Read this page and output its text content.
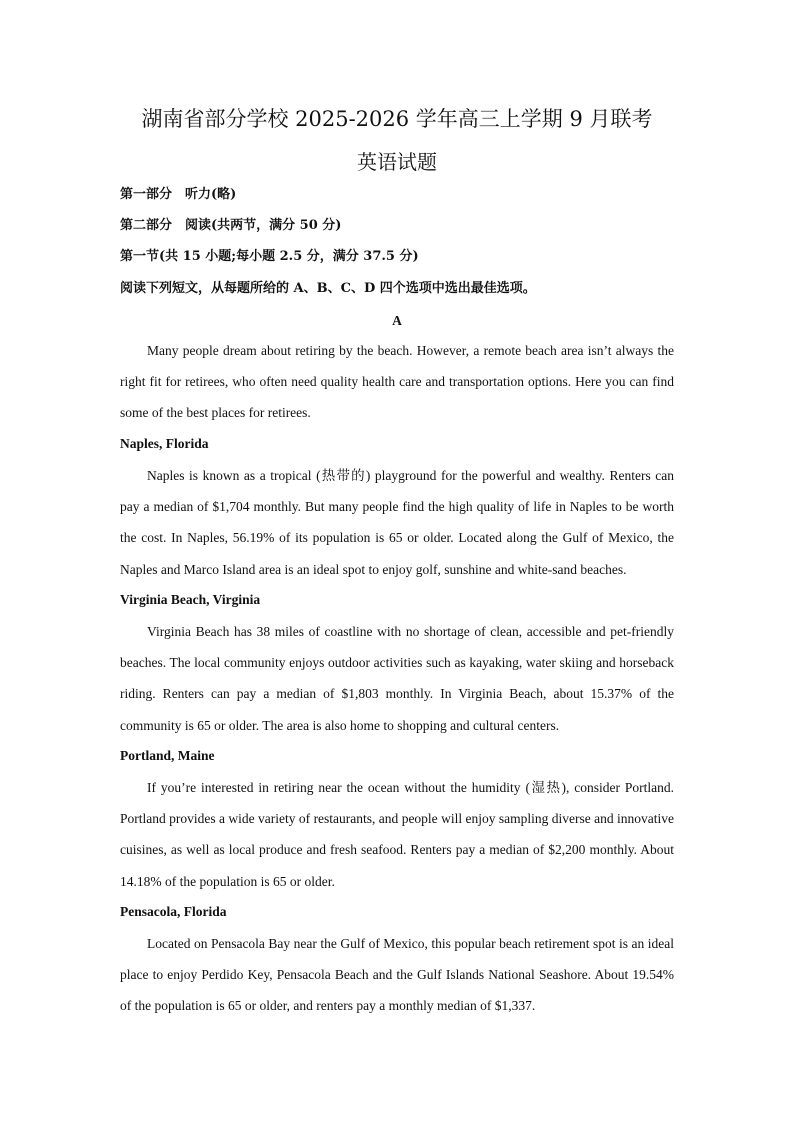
湖南省部分学校 2025-2026 学年高三上学期 9 月联考
英语试题
第一部分　听力(略)
第二部分　阅读(共两节，满分 50 分)
第一节(共 15 小题;每小题 2.5 分，满分 37.5 分)
阅读下列短文，从每题所给的 A、B、C、D 四个选项中选出最佳选项。
A
Many people dream about retiring by the beach. However, a remote beach area isn’t always the right fit for retirees, who often need quality health care and transportation options. Here you can find some of the best places for retirees.
Naples, Florida
Naples is known as a tropical (热带的) playground for the powerful and wealthy. Renters can pay a median of $1,704 monthly. But many people find the high quality of life in Naples to be worth the cost. In Naples, 56.19% of its population is 65 or older. Located along the Gulf of Mexico, the Naples and Marco Island area is an ideal spot to enjoy golf, sunshine and white-sand beaches.
Virginia Beach, Virginia
Virginia Beach has 38 miles of coastline with no shortage of clean, accessible and pet-friendly beaches. The local community enjoys outdoor activities such as kayaking, water skiing and horseback riding. Renters can pay a median of $1,803 monthly. In Virginia Beach, about 15.37% of the community is 65 or older. The area is also home to shopping and cultural centers.
Portland, Maine
If you’re interested in retiring near the ocean without the humidity (湿热), consider Portland. Portland provides a wide variety of restaurants, and people will enjoy sampling diverse and innovative cuisines, as well as local produce and fresh seafood. Renters pay a median of $2,200 monthly. About 14.18% of the population is 65 or older.
Pensacola, Florida
Located on Pensacola Bay near the Gulf of Mexico, this popular beach retirement spot is an ideal place to enjoy Perdido Key, Pensacola Beach and the Gulf Islands National Seashore. About 19.54% of the population is 65 or older, and renters pay a monthly median of $1,337.
